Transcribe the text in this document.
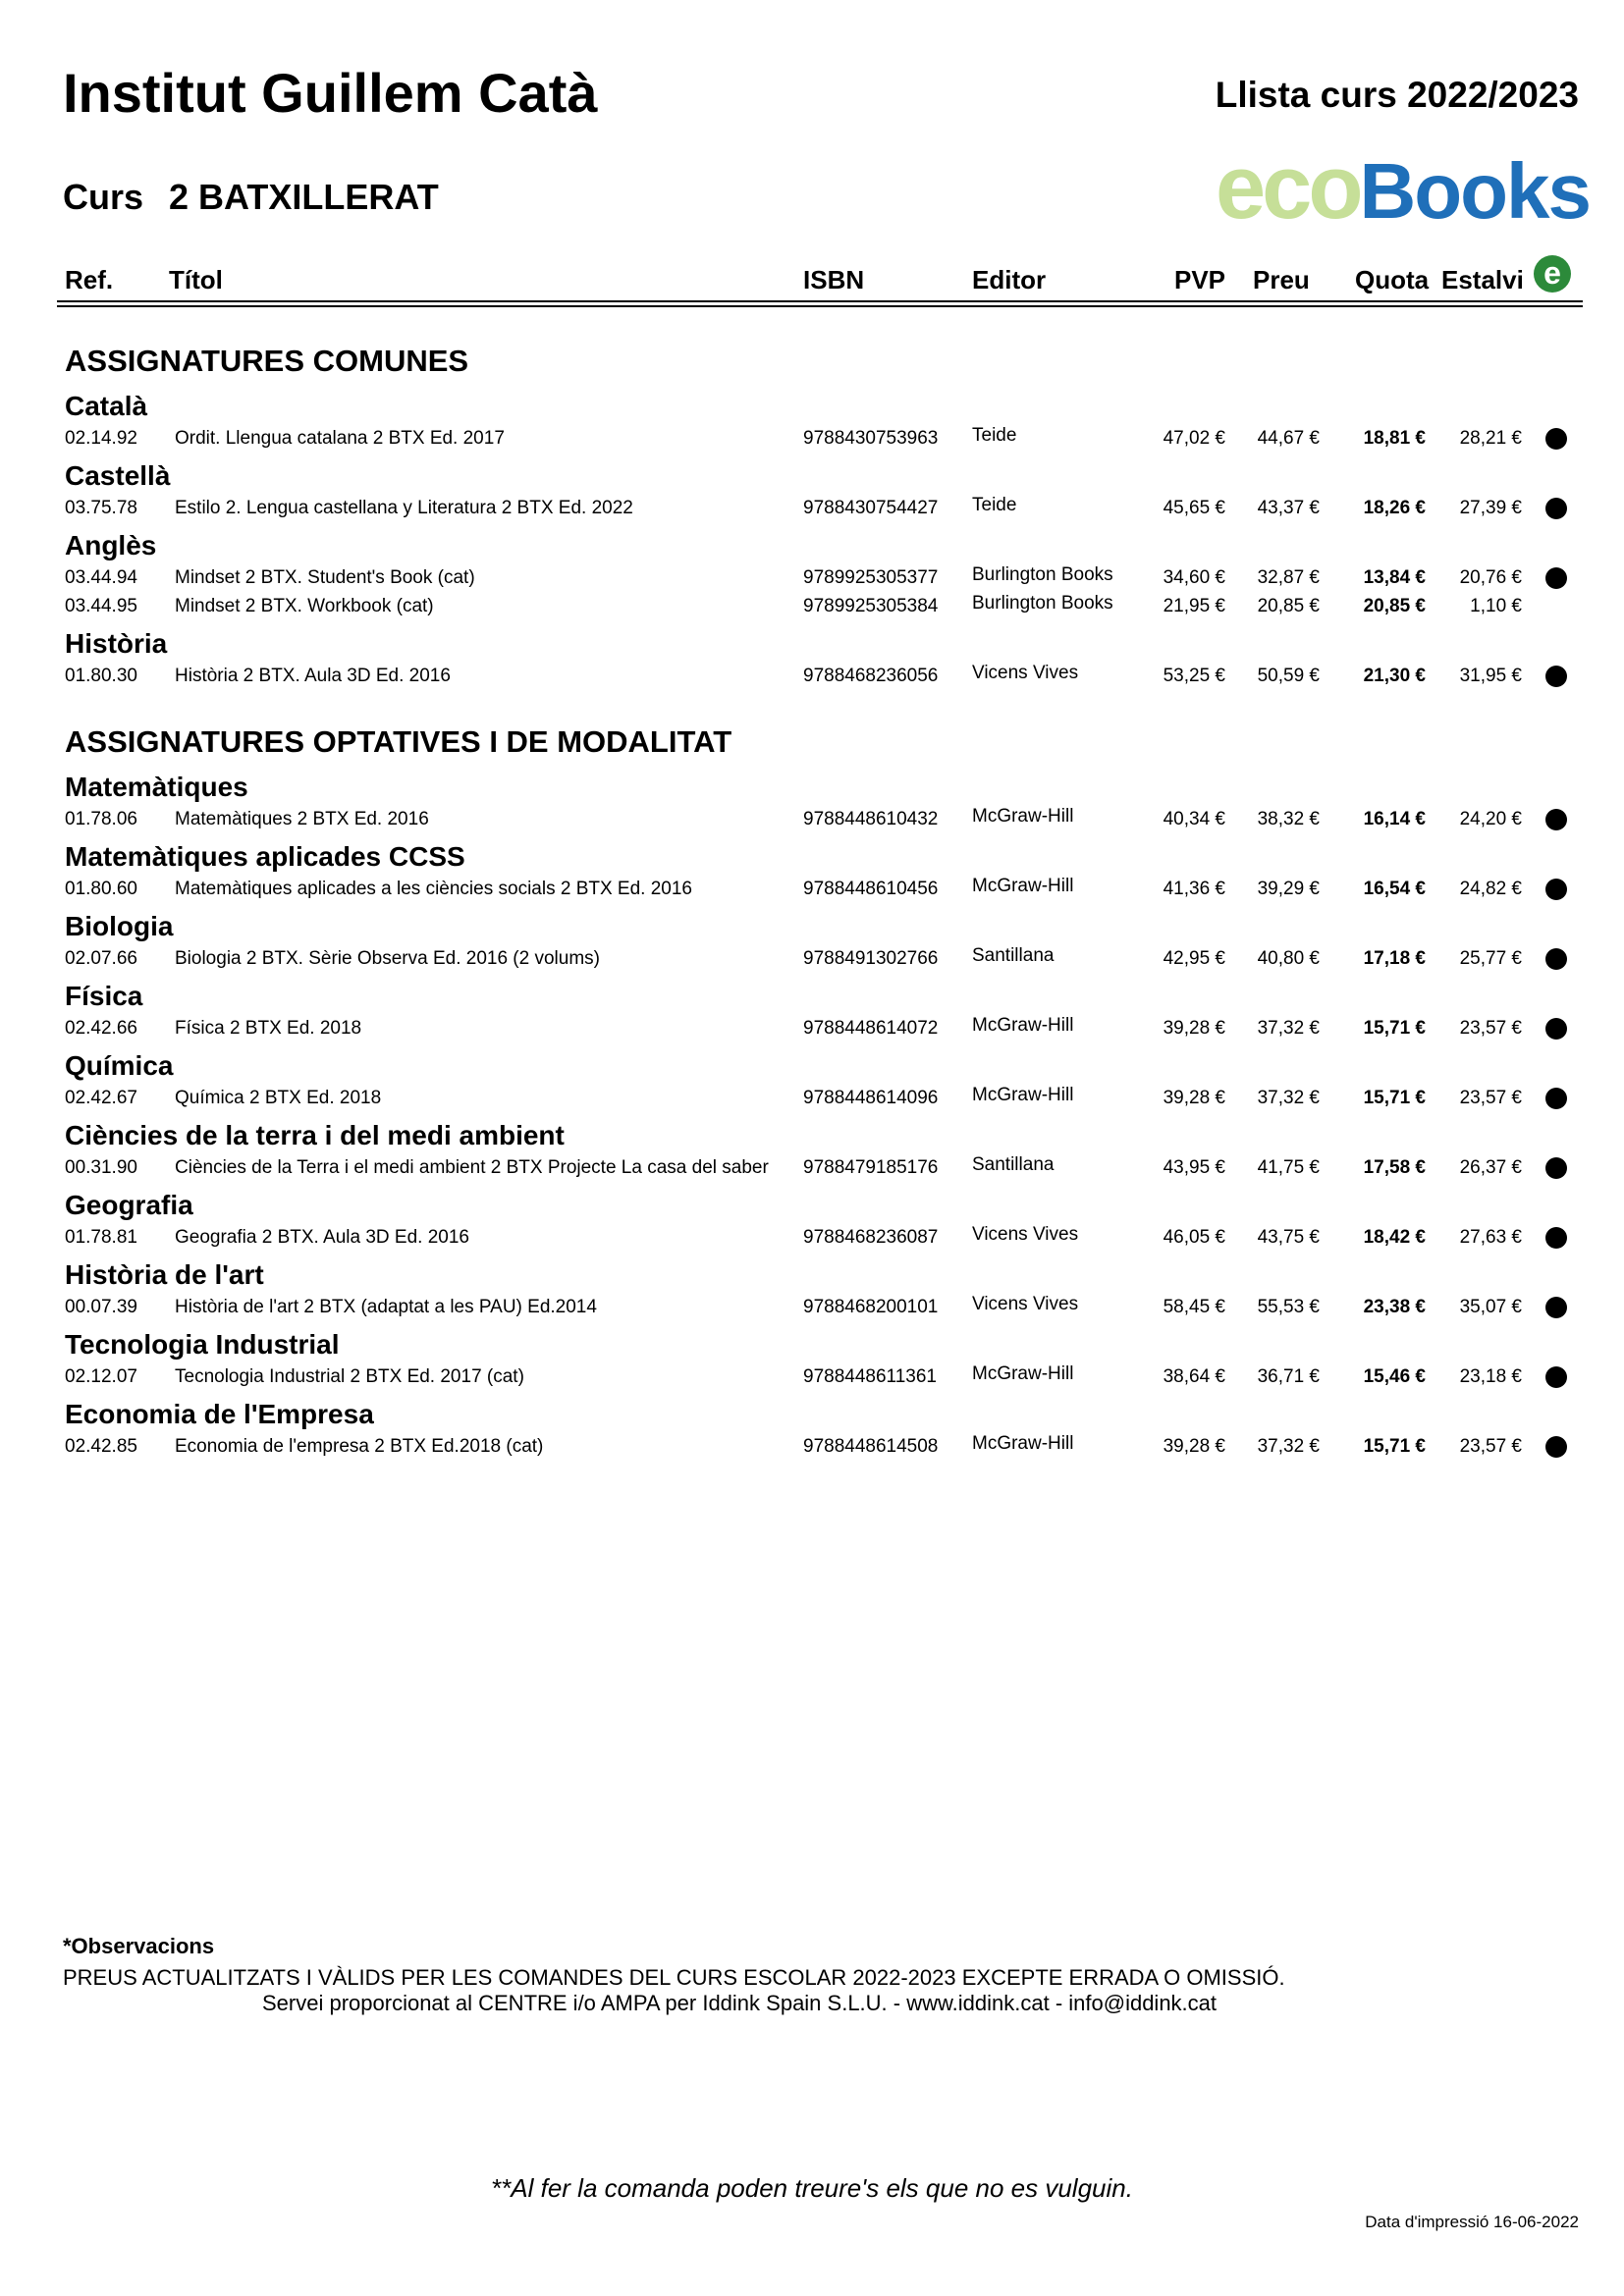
Institut Guillem Catà	Llista curs 2022/2023
Curs 2 BATXILLERAT	ecoBooks
Ref. Títol	ISBN	Editor	PVP Preu Quota Estalvi e
ASSIGNATURES COMUNES
Català
02.14.92 Ordit. Llengua catalana 2 BTX Ed. 2017	9788430753963 Teide	47,02 €	44,67 €	18,81 €	28,21 €
Castellà
03.75.78 Estilo 2. Lengua castellana y Literatura 2 BTX Ed. 2022	9788430754427 Teide	45,65 €	43,37 €	18,26 €	27,39 €
Anglès
03.44.94 Mindset 2 BTX. Student's Book (cat)	9789925305377 Burlington Books	34,60 €	32,87 €	13,84 €	20,76 €
03.44.95 Mindset 2 BTX. Workbook (cat)	9789925305384 Burlington Books	21,95 €	20,85 €	20,85 €	1,10 €
Història
01.80.30 Història 2 BTX. Aula 3D Ed. 2016	9788468236056 Vicens Vives	53,25 €	50,59 €	21,30 €	31,95 €
ASSIGNATURES OPTATIVES I DE MODALITAT
Matemàtiques
01.78.06 Matemàtiques 2 BTX Ed. 2016	9788448610432 McGraw-Hill	40,34 €	38,32 €	16,14 €	24,20 €
Matemàtiques aplicades CCSS
01.80.60 Matemàtiques aplicades a les ciències socials 2 BTX Ed. 2016	9788448610456 McGraw-Hill	41,36 €	39,29 €	16,54 €	24,82 €
Biologia
02.07.66 Biologia 2 BTX. Sèrie Observa Ed. 2016 (2 volums)	9788491302766 Santillana	42,95 €	40,80 €	17,18 €	25,77 €
Física
02.42.66 Física 2 BTX Ed. 2018	9788448614072 McGraw-Hill	39,28 €	37,32 €	15,71 €	23,57 €
Química
02.42.67 Química 2 BTX Ed. 2018	9788448614096 McGraw-Hill	39,28 €	37,32 €	15,71 €	23,57 €
Ciències de la terra i del medi ambient
00.31.90 Ciències de la Terra i el medi ambient 2 BTX Projecte La casa del saber 9788479185176 Santillana	43,95 €	41,75 €	17,58 €	26,37 €
Geografia
01.78.81 Geografia 2 BTX. Aula 3D Ed. 2016	9788468236087 Vicens Vives	46,05 €	43,75 €	18,42 €	27,63 €
Història de l'art
00.07.39 Història de l'art 2 BTX (adaptat a les PAU) Ed.2014	9788468200101 Vicens Vives	58,45 €	55,53 €	23,38 €	35,07 €
Tecnologia Industrial
02.12.07 Tecnologia Industrial 2 BTX Ed. 2017 (cat)	9788448611361 McGraw-Hill	38,64 €	36,71 €	15,46 €	23,18 €
Economia de l'Empresa
02.42.85 Economia de l'empresa 2 BTX Ed.2018 (cat)	9788448614508 McGraw-Hill	39,28 €	37,32 €	15,71 €	23,57 €
*Observacions
PREUS ACTUALITZATS I VÀLIDS PER LES COMANDES DEL CURS ESCOLAR 2022-2023 EXCEPTE ERRADA O OMISSIÓ.
Servei proporcionat al CENTRE i/o AMPA per Iddink Spain S.L.U. - www.iddink.cat - info@iddink.cat
**Al fer la comanda poden treure's els que no es vulguin.
Data d'impressió 16-06-2022
